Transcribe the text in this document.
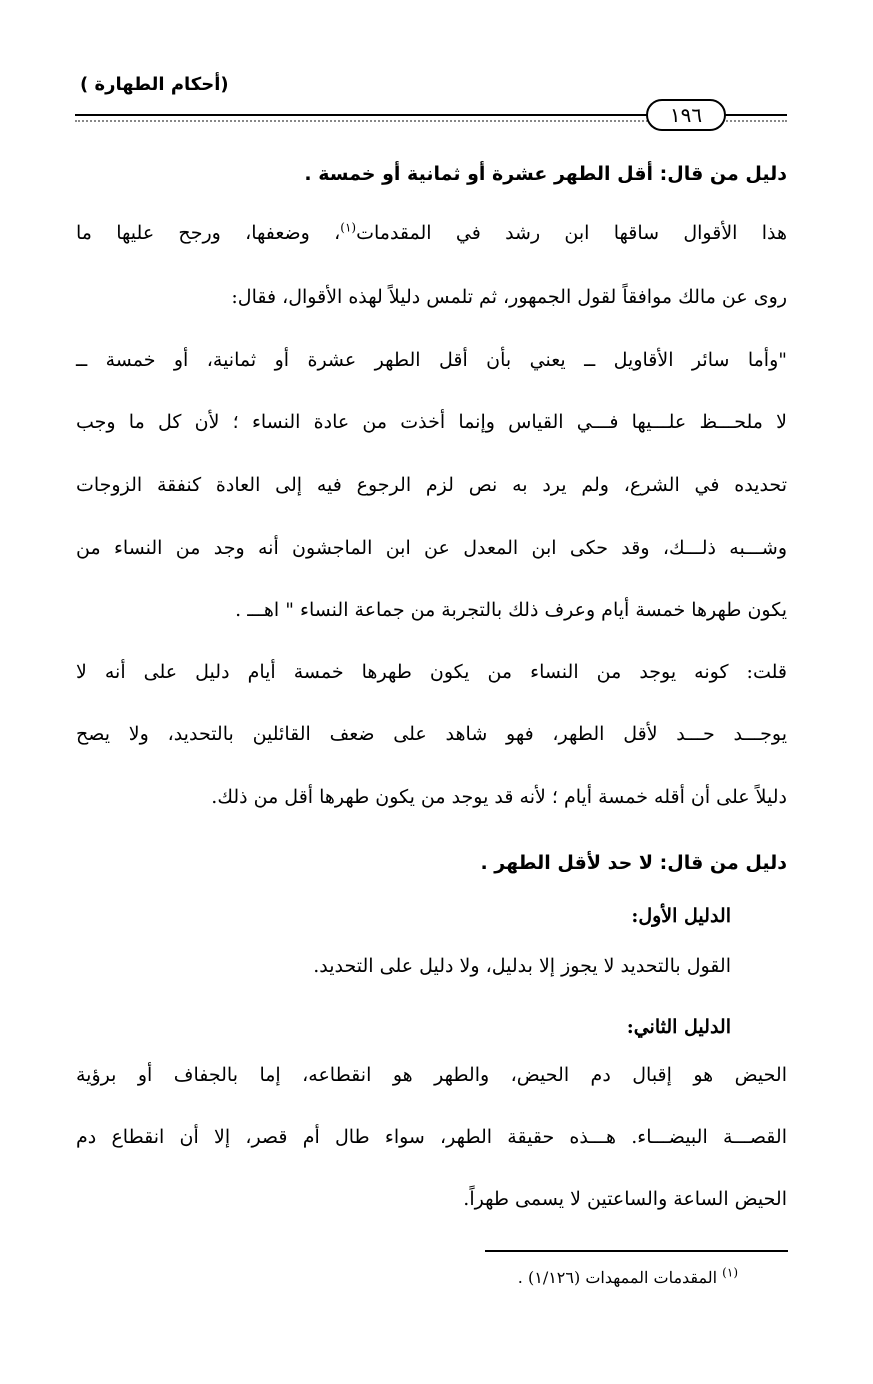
(أحكام الطهارة )
١٩٦
دليل من قال: أقل الطهر عشرة أو ثمانية أو خمسة .
هذا الأقوال ساقها ابن رشد في المقدمات$^{(١)}$، وضعفها، ورجح عليها ما
روى عن مالك موافقاً لقول الجمهور، ثم تلمس دليلاً لهذه الأقوال، فقال:
"وأما سائر الأقاويل ــ يعني بأن أقل الطهر عشرة أو ثمانية، أو خمسة ــ
لا ملحـــظ علـــيها فـــي القياس وإنما أخذت من عادة النساء ؛ لأن كل ما وجب
تحديده في الشرع، ولم يرد به نص لزم الرجوع فيه إلى العادة كنفقة الزوجات
وشـــبه ذلـــك، وقد حكى ابن المعدل عن ابن الماجشون أنه وجد من النساء من
يكون طهرها خمسة أيام وعرف ذلك بالتجربة من جماعة النساء " اهـــ .
قلت: كونه يوجد من النساء من يكون طهرها خمسة أيام دليل على أنه لا
يوجـــد حـــد لأقل الطهر، فهو شاهد على ضعف القائلين بالتحديد، ولا يصح
دليلاً على أن أقله خمسة أيام ؛ لأنه قد يوجد من يكون طهرها أقل من ذلك.
دليل من قال: لا حد لأقل الطهر .
الدليل الأول:
القول بالتحديد لا يجوز إلا بدليل، ولا دليل على التحديد.
الدليل الثاني:
الحيض هو إقبال دم الحيض، والطهر هو انقطاعه، إما بالجفاف أو برؤية
القصـــة البيضـــاء. هـــذه حقيقة الطهر، سواء طال أم قصر، إلا أن انقطاع دم
الحيض الساعة والساعتين لا يسمى طهراً.
$^{(١)}$ المقدمات الممهدات (١/١٢٦) .
